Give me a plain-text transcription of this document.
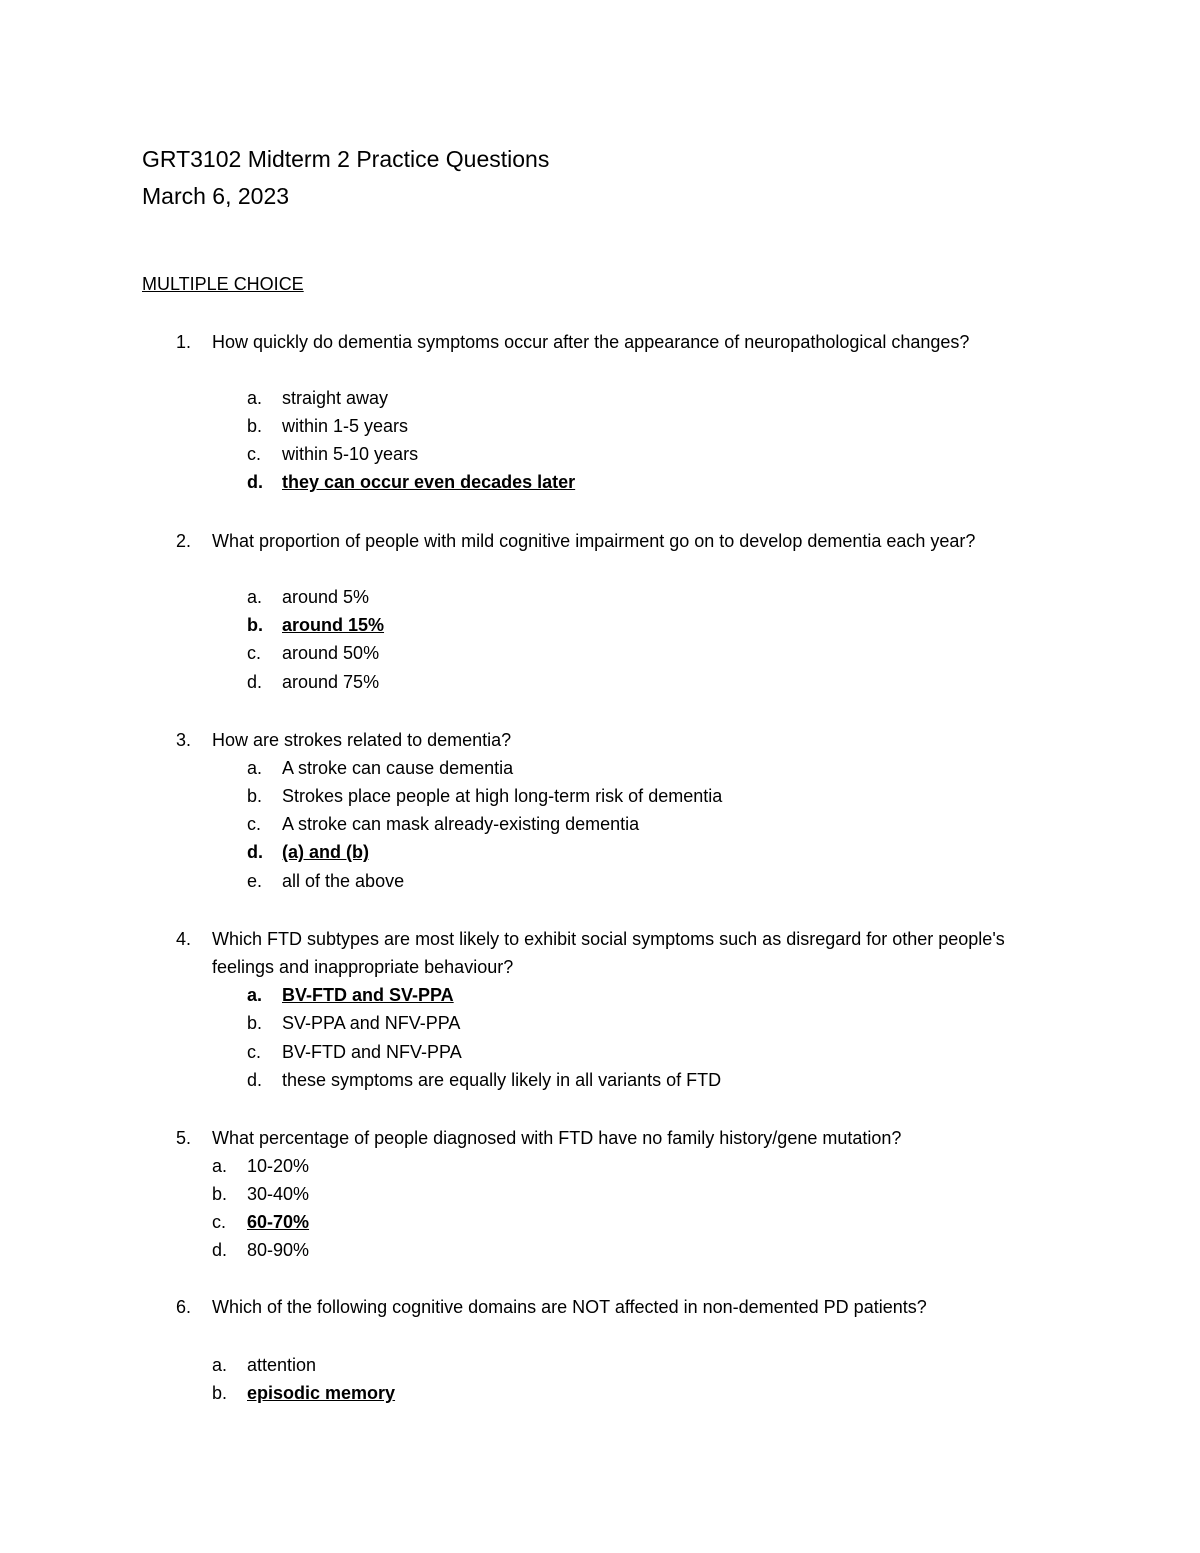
GRT3102 Midterm 2 Practice Questions
March 6, 2023
MULTIPLE CHOICE
1. How quickly do dementia symptoms occur after the appearance of neuropathological changes?
a. straight away
b. within 1-5 years
c. within 5-10 years
d. they can occur even decades later
2. What proportion of people with mild cognitive impairment go on to develop dementia each year?
a. around 5%
b. around 15%
c. around 50%
d. around 75%
3. How are strokes related to dementia?
a. A stroke can cause dementia
b. Strokes place people at high long-term risk of dementia
c. A stroke can mask already-existing dementia
d. (a) and (b)
e. all of the above
4. Which FTD subtypes are most likely to exhibit social symptoms such as disregard for other people's feelings and inappropriate behaviour?
a. BV-FTD and SV-PPA
b. SV-PPA and NFV-PPA
c. BV-FTD and NFV-PPA
d. these symptoms are equally likely in all variants of FTD
5. What percentage of people diagnosed with FTD have no family history/gene mutation?
a. 10-20%
b. 30-40%
c. 60-70%
d. 80-90%
6. Which of the following cognitive domains are NOT affected in non-demented PD patients?
a. attention
b. episodic memory
